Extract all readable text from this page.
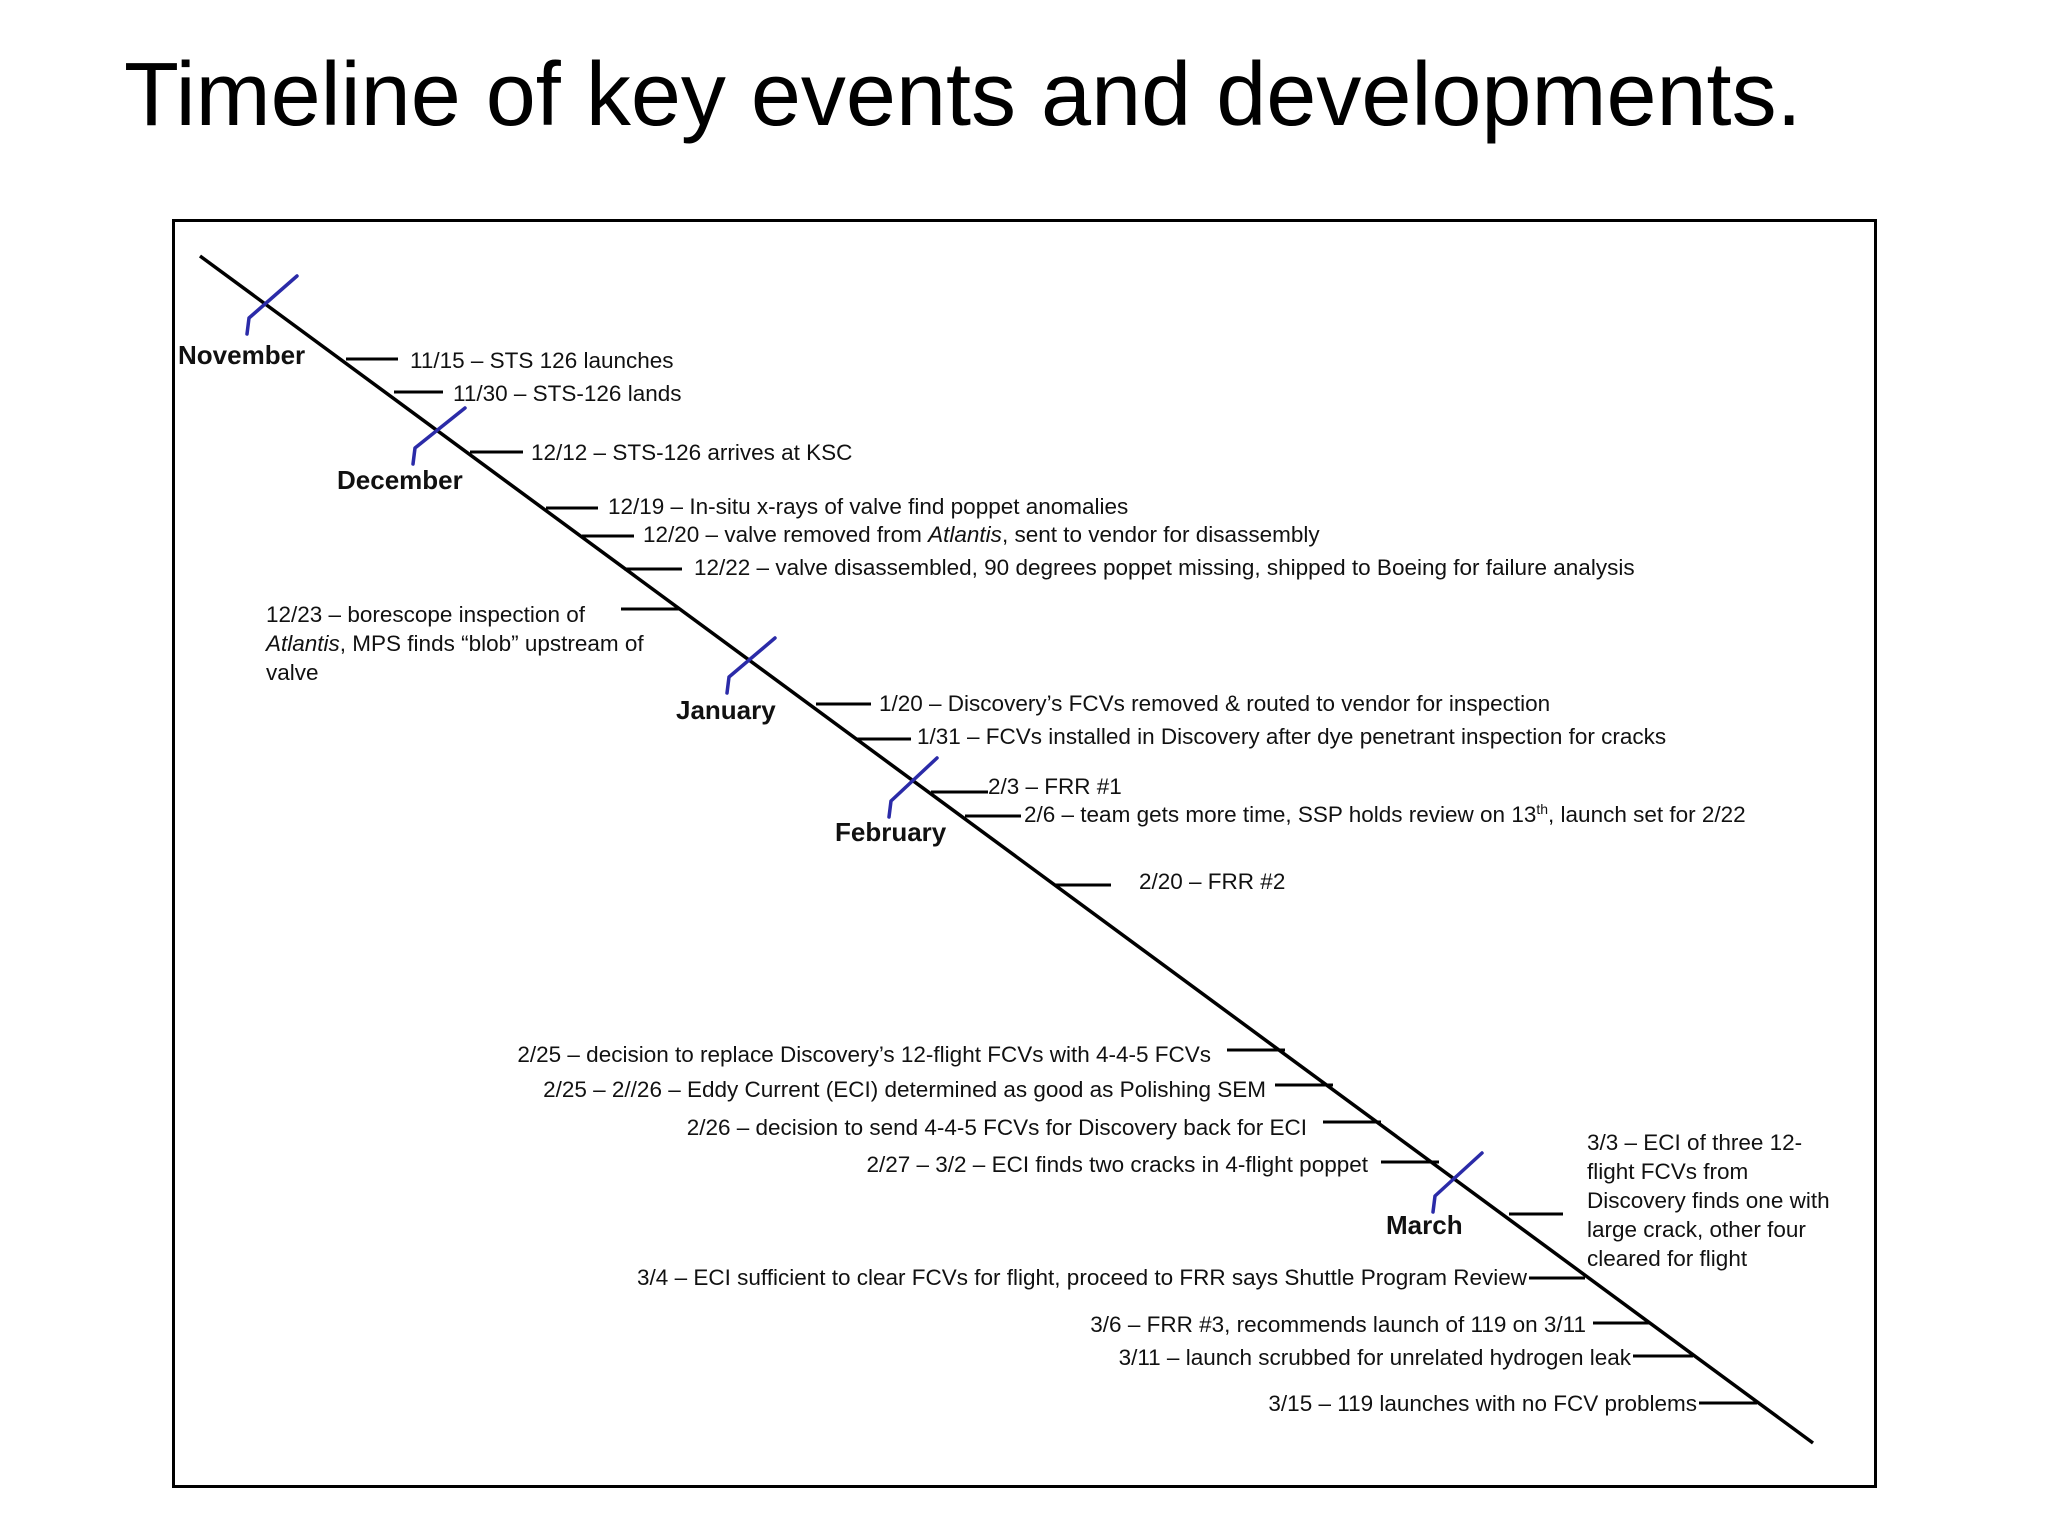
Timeline of key events and developments.
November
December
January
February
March
11/15 – STS 126 launches
11/30 – STS-126 lands
12/12 – STS-126 arrives at KSC
12/19 – In-situ x-rays of valve find poppet anomalies
12/20 – valve removed from Atlantis, sent to vendor for disassembly
12/22 – valve disassembled, 90 degrees poppet missing, shipped to Boeing for failure analysis
12/23 – borescope inspection of
Atlantis, MPS finds “blob” upstream of
valve
1/20 – Discovery’s FCVs removed & routed to vendor for inspection
1/31 – FCVs installed in Discovery after dye penetrant inspection for cracks
2/3 – FRR #1
2/6 – team gets more time, SSP holds review on 13th, launch set for 2/22
2/20 – FRR #2
2/25 – decision to replace Discovery’s 12-flight FCVs with 4-4-5 FCVs
2/25 – 2//26 – Eddy Current (ECI) determined as good as Polishing SEM
2/26 – decision to send 4-4-5 FCVs for Discovery back for ECI
2/27 – 3/2 – ECI finds two cracks in 4-flight poppet
3/3 – ECI of three 12-
flight FCVs from
Discovery finds one with
large crack, other four
cleared for flight
3/4 – ECI sufficient to clear FCVs for flight, proceed to FRR says Shuttle Program Review
3/6 – FRR #3, recommends launch of 119 on 3/11
3/11 – launch scrubbed for unrelated hydrogen leak
3/15 – 119 launches with no FCV problems
